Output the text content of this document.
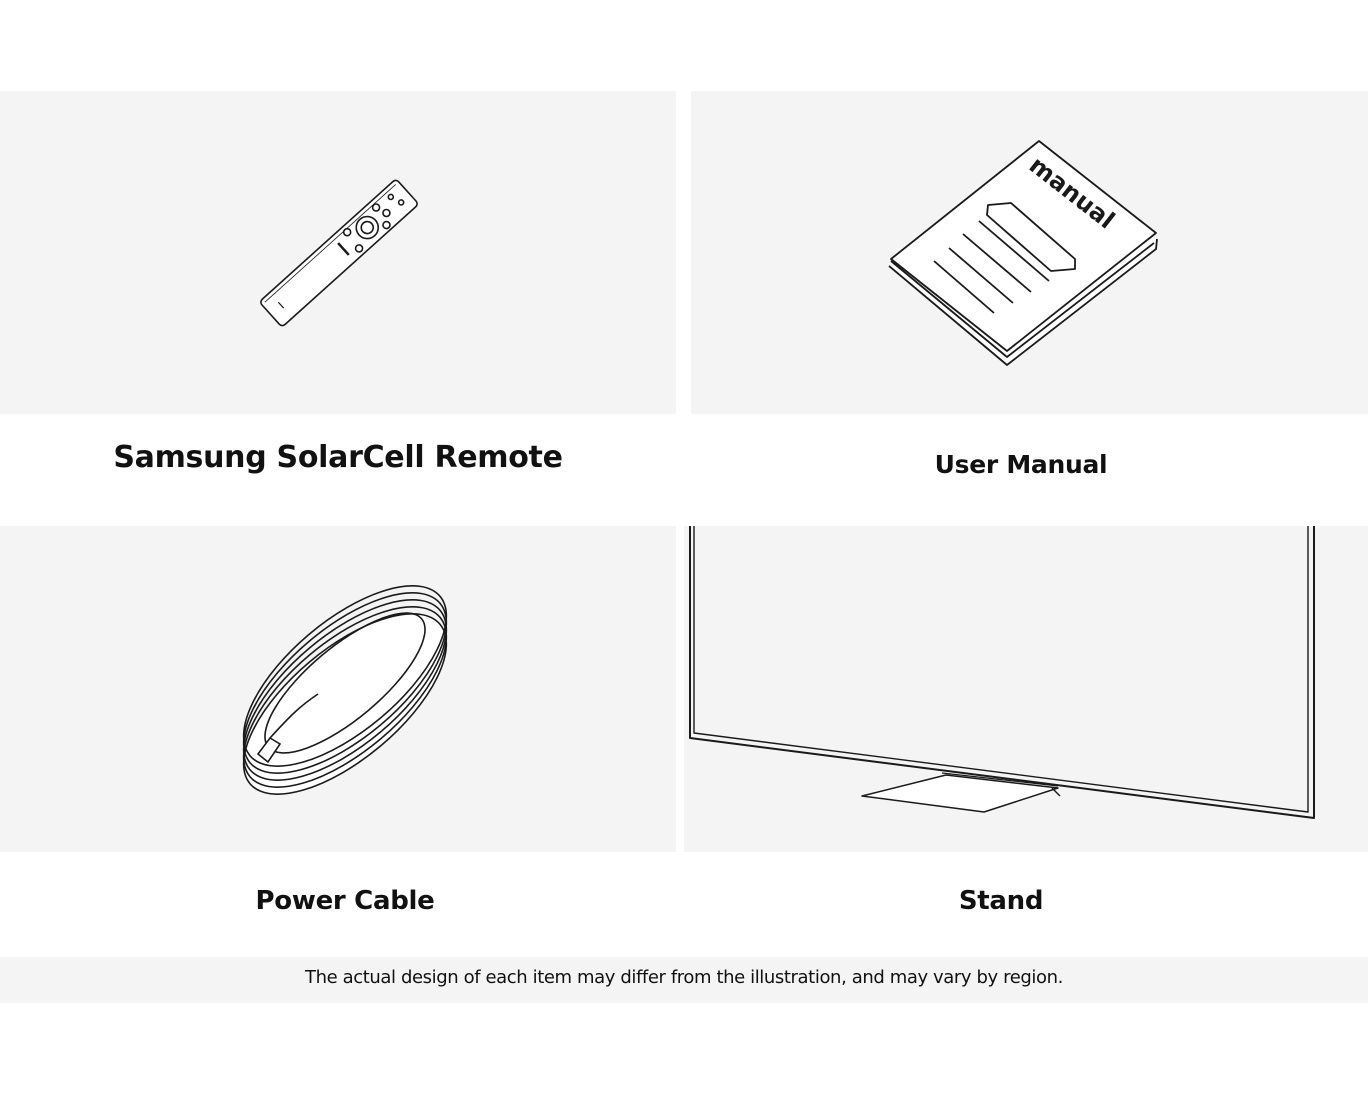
Samsung SolarCell Remote
manual
User Manual
Power Cable	Stand
The actual design of each item may differ from the illustration, and may vary by region.
